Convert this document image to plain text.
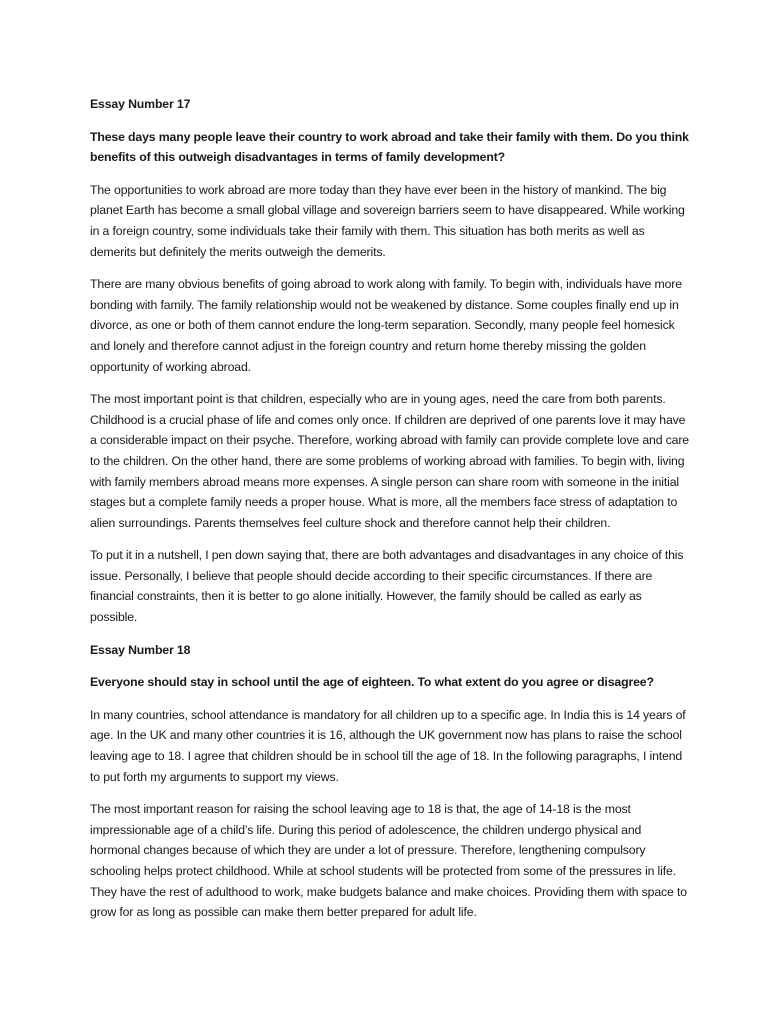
Essay Number 17

These days many people leave their country to work abroad and take their family with them. Do you think benefits of this outweigh disadvantages in terms of family development?

The opportunities to work abroad are more today than they have ever been in the history of mankind. The big planet Earth has become a small global village and sovereign barriers seem to have disappeared. While working in a foreign country, some individuals take their family with them. This situation has both merits as well as demerits but definitely the merits outweigh the demerits.

There are many obvious benefits of going abroad to work along with family. To begin with, individuals have more bonding with family. The family relationship would not be weakened by distance. Some couples finally end up in divorce, as one or both of them cannot endure the long-term separation. Secondly, many people feel homesick and lonely and therefore cannot adjust in the foreign country and return home thereby missing the golden opportunity of working abroad.

The most important point is that children, especially who are in young ages, need the care from both parents. Childhood is a crucial phase of life and comes only once. If children are deprived of one parents love it may have a considerable impact on their psyche. Therefore, working abroad with family can provide complete love and care to the children. On the other hand, there are some problems of working abroad with families. To begin with, living with family members abroad means more expenses. A single person can share room with someone in the initial stages but a complete family needs a proper house. What is more, all the members face stress of adaptation to alien surroundings. Parents themselves feel culture shock and therefore cannot help their children.

To put it in a nutshell, I pen down saying that, there are both advantages and disadvantages in any choice of this issue. Personally, I believe that people should decide according to their specific circumstances. If there are financial constraints, then it is better to go alone initially. However, the family should be called as early as possible.

Essay Number 18

Everyone should stay in school until the age of eighteen. To what extent do you agree or disagree?

In many countries, school attendance is mandatory for all children up to a specific age. In India this is 14 years of age. In the UK and many other countries it is 16, although the UK government now has plans to raise the school leaving age to 18. I agree that children should be in school till the age of 18. In the following paragraphs, I intend to put forth my arguments to support my views.

The most important reason for raising the school leaving age to 18 is that, the age of 14-18 is the most impressionable age of a child’s life. During this period of adolescence, the children undergo physical and hormonal changes because of which they are under a lot of pressure. Therefore, lengthening compulsory schooling helps protect childhood. While at school students will be protected from some of the pressures in life. They have the rest of adulthood to work, make budgets balance and make choices. Providing them with space to grow for as long as possible can make them better prepared for adult life.
